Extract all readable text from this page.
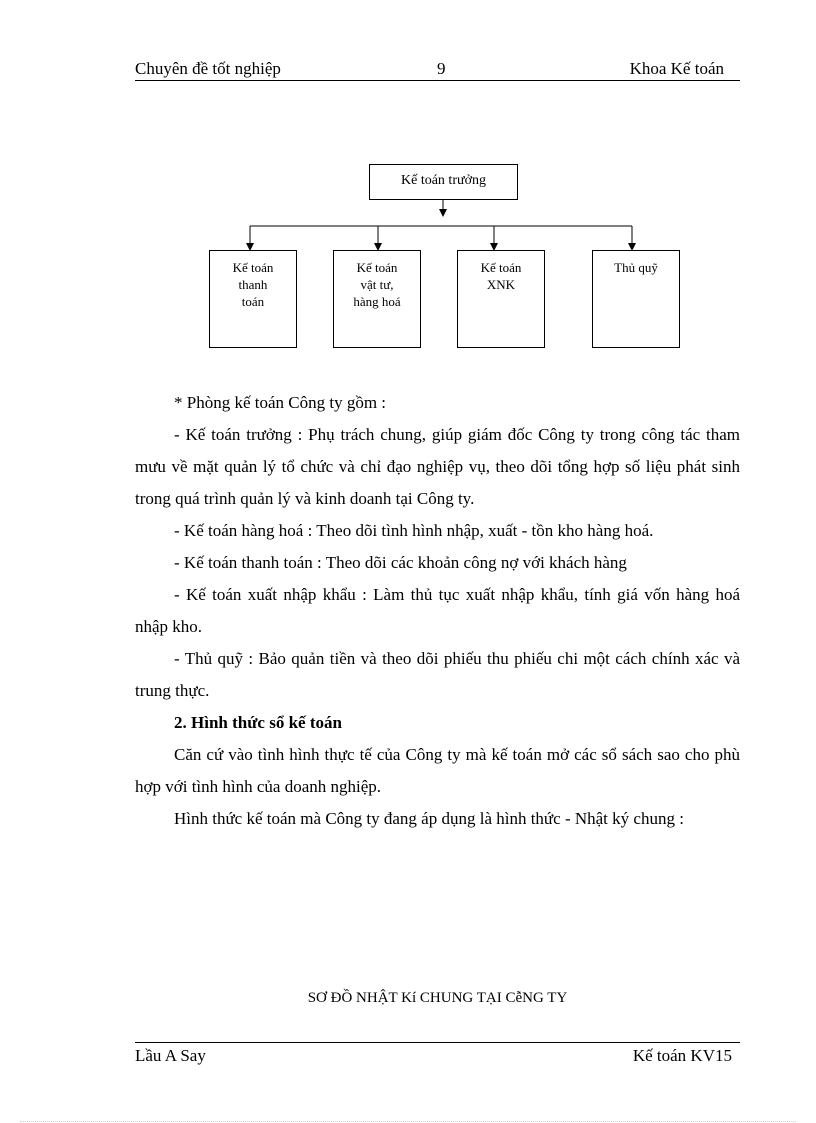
Chuyên đề tốt nghiệp	9	Khoa Kế toán
Kế toán trưởng
Kế toán
thanh
toán
Kế toán
vật tư,
hàng hoá
Kế toán
XNK
Thủ quỹ

* Phòng kế toán Công ty gồm :

- Kế toán trưởng : Phụ trách chung, giúp giám đốc Công ty trong công tác tham mưu về mặt quản lý tổ chức và chỉ đạo nghiệp vụ, theo dõi tổng hợp số liệu phát sinh trong quá trình quản lý và kinh doanh tại Công ty.

- Kế toán hàng hoá : Theo dõi tình hình nhập, xuất - tồn kho hàng hoá.

- Kế toán thanh toán : Theo dõi các khoản công nợ với khách hàng

- Kế toán xuất nhập khẩu : Làm thủ tục xuất nhập khẩu, tính giá vốn hàng hoá nhập kho.

- Thủ quỹ : Bảo quản tiền và theo dõi phiếu thu phiếu chi một cách chính xác và trung thực.

2. Hình thức sổ kế toán

Căn cứ vào tình hình thực tế của Công ty mà kế toán mở các sổ sách sao cho phù hợp với tình hình của doanh nghiệp.

Hình thức kế toán mà Công ty đang áp dụng là hình thức - Nhật ký chung :

SƠ ĐỒ NHẬT Kí CHUNG TẠI CễNG TY
Lầu A Say	Kế toán KV15
